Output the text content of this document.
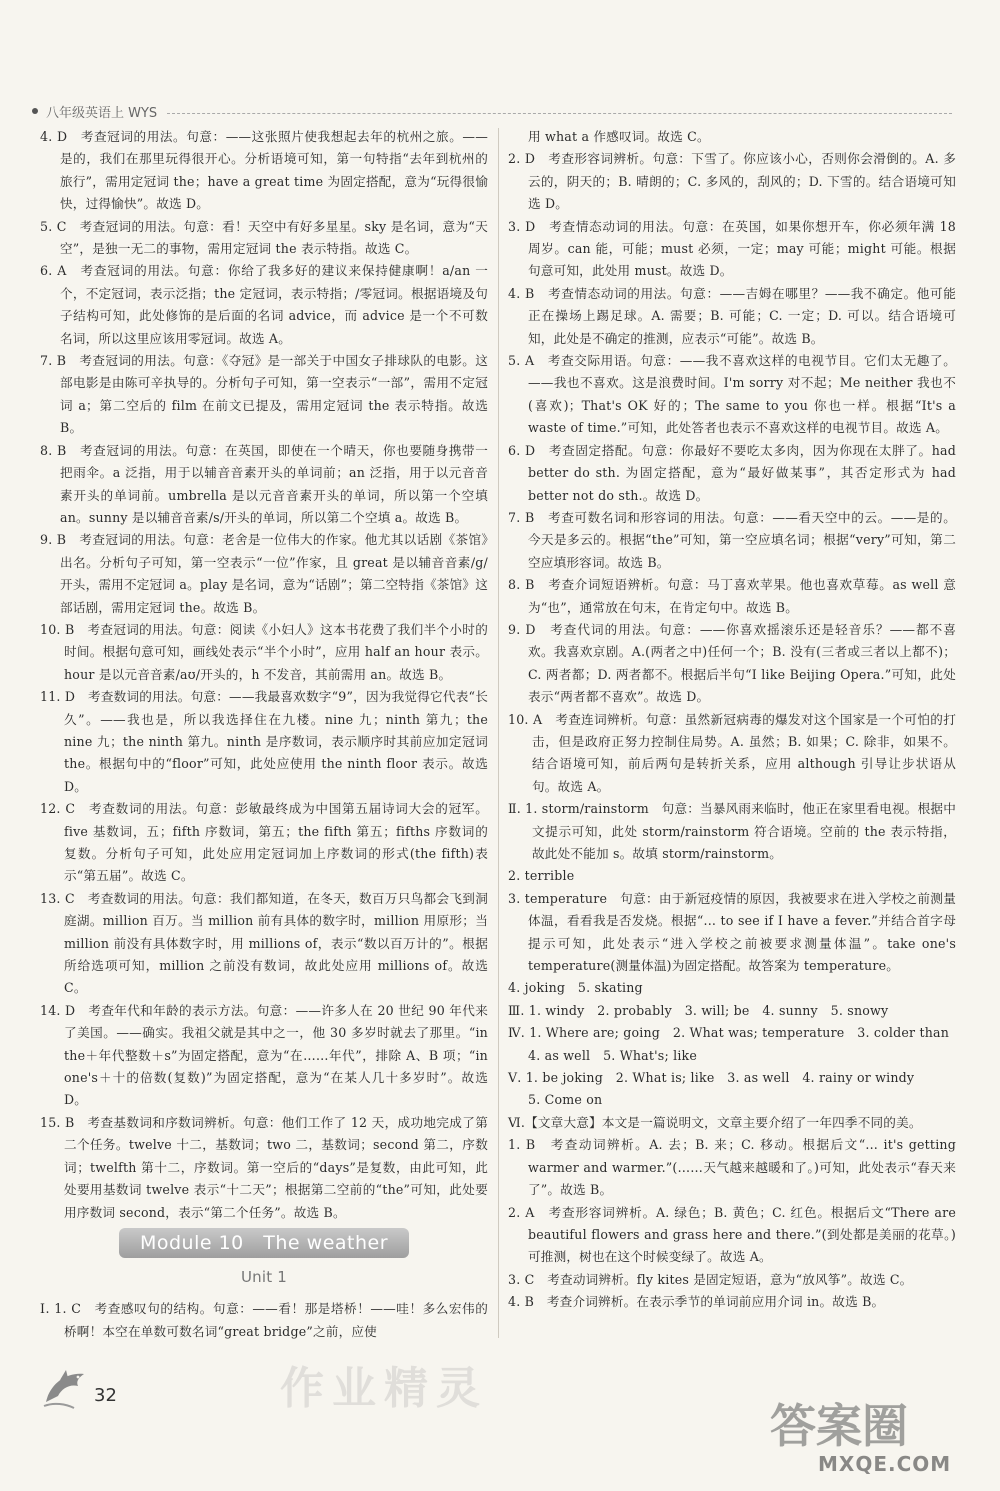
八年级英语上 WYS

4. D　考查冠词的用法。句意：——这张照片使我想起去年的杭州之旅。——是的，我们在那里玩得很开心。分析语境可知，第一句特指“去年到杭州的旅行”，需用定冠词 the；have a great time 为固定搭配，意为“玩得很愉快，过得愉快”。故选 D。

5. C　考查冠词的用法。句意：看！天空中有好多星星。sky 是名词，意为“天空”，是独一无二的事物，需用定冠词 the 表示特指。故选 C。

6. A　考查冠词的用法。句意：你给了我多好的建议来保持健康啊！a/an 一个，不定冠词，表示泛指；the 定冠词，表示特指；/零冠词。根据语境及句子结构可知，此处修饰的是后面的名词 advice，而 advice 是一个不可数名词，所以这里应该用零冠词。故选 A。

7. B　考查冠词的用法。句意：《夺冠》是一部关于中国女子排球队的电影。这部电影是由陈可辛执导的。分析句子可知，第一空表示“一部”，需用不定冠词 a；第二空后的 film 在前文已提及，需用定冠词 the 表示特指。故选 B。

8. B　考查冠词的用法。句意：在英国，即使在一个晴天，你也要随身携带一把雨伞。a 泛指，用于以辅音音素开头的单词前；an 泛指，用于以元音音素开头的单词前。umbrella 是以元音音素开头的单词，所以第一个空填 an。sunny 是以辅音音素/s/开头的单词，所以第二个空填 a。故选 B。

9. B　考查冠词的用法。句意：老舍是一位伟大的作家。他尤其以话剧《茶馆》出名。分析句子可知，第一空表示“一位”作家，且 great 是以辅音音素/g/开头，需用不定冠词 a。play 是名词，意为“话剧”；第二空特指《茶馆》这部话剧，需用定冠词 the。故选 B。

10. B　考查冠词的用法。句意：阅读《小妇人》这本书花费了我们半个小时的时间。根据句意可知，画线处表示“半个小时”，应用 half an hour 表示。hour 是以元音音素/aʊ/开头的，h 不发音，其前需用 an。故选 B。

11. D　考查数词的用法。句意：——我最喜欢数字“9”，因为我觉得它代表“长久”。——我也是，所以我选择住在九楼。nine 九；ninth 第九；the nine 九；the ninth 第九。ninth 是序数词，表示顺序时其前应加定冠词 the。根据句中的“floor”可知，此处应使用 the ninth floor 表示。故选 D。

12. C　考查数词的用法。句意：彭敏最终成为中国第五届诗词大会的冠军。five 基数词，五；fifth 序数词，第五；the fifth 第五；fifths 序数词的复数。分析句子可知，此处应用定冠词加上序数词的形式(the fifth)表示“第五届”。故选 C。

13. C　考查数词的用法。句意：我们都知道，在冬天，数百万只鸟都会飞到洞庭湖。million 百万。当 million 前有具体的数字时，million 用原形；当 million 前没有具体数字时，用 millions of，表示“数以百万计的”。根据所给选项可知，million 之前没有数词，故此处应用 millions of。故选 C。

14. D　考查年代和年龄的表示方法。句意：——许多人在 20 世纪 90 年代来了美国。——确实。我祖父就是其中之一，他 30 多岁时就去了那里。“in the＋年代整数＋s”为固定搭配，意为“在……年代”，排除 A、B 项；“in one's＋十的倍数(复数)”为固定搭配，意为“在某人几十多岁时”。故选 D。

15. B　考查基数词和序数词辨析。句意：他们工作了 12 天，成功地完成了第二个任务。twelve 十二，基数词；two 二，基数词；second 第二，序数词；twelfth 第十二，序数词。第一空后的“days”是复数，由此可知，此处要用基数词 twelve 表示“十二天”；根据第二空前的“the”可知，此处要用序数词 second，表示“第二个任务”。故选 B。

Module 10　The weather
Unit 1

Ⅰ. 1. C　考查感叹句的结构。句意：——看！那是塔桥！——哇！多么宏伟的桥啊！本空在单数可数名词“great bridge”之前，应使

用 what a 作感叹词。故选 C。

2. D　考查形容词辨析。句意：下雪了。你应该小心，否则你会滑倒的。A. 多云的，阴天的；B. 晴朗的；C. 多风的，刮风的；D. 下雪的。结合语境可知选 D。

3. D　考查情态动词的用法。句意：在英国，如果你想开车，你必须年满 18 周岁。can 能，可能；must 必须，一定；may 可能；might 可能。根据句意可知，此处用 must。故选 D。

4. B　考查情态动词的用法。句意：——吉姆在哪里？——我不确定。他可能正在操场上踢足球。A. 需要；B. 可能；C. 一定；D. 可以。结合语境可知，此处是不确定的推测，应表示“可能”。故选 B。

5. A　考查交际用语。句意：——我不喜欢这样的电视节目。它们太无趣了。——我也不喜欢。这是浪费时间。I'm sorry 对不起；Me neither 我也不(喜欢)；That's OK 好的；The same to you 你也一样。根据“It's a waste of time.”可知，此处答者也表示不喜欢这样的电视节目。故选 A。

6. D　考查固定搭配。句意：你最好不要吃太多肉，因为你现在太胖了。had better do sth. 为固定搭配，意为“最好做某事”，其否定形式为 had better not do sth.。故选 D。

7. B　考查可数名词和形容词的用法。句意：——看天空中的云。——是的。今天是多云的。根据“the”可知，第一空应填名词；根据“very”可知，第二空应填形容词。故选 B。

8. B　考查介词短语辨析。句意：马丁喜欢苹果。他也喜欢草莓。as well 意为“也”，通常放在句末，在肯定句中。故选 B。

9. D　考查代词的用法。句意：——你喜欢摇滚乐还是轻音乐？——都不喜欢。我喜欢京剧。A.(两者之中)任何一个；B. 没有(三者或三者以上都不)；C. 两者都；D. 两者都不。根据后半句“I like Beijing Opera.”可知，此处表示“两者都不喜欢”。故选 D。

10. A　考查连词辨析。句意：虽然新冠病毒的爆发对这个国家是一个可怕的打击，但是政府正努力控制住局势。A. 虽然；B. 如果；C. 除非，如果不。结合语境可知，前后两句是转折关系，应用 although 引导让步状语从句。故选 A。

Ⅱ. 1. storm/rainstorm　句意：当暴风雨来临时，他正在家里看电视。根据中文提示可知，此处 storm/rainstorm 符合语境。空前的 the 表示特指，故此处不能加 s。故填 storm/rainstorm。

2. terrible

3. temperature　句意：由于新冠疫情的原因，我被要求在进入学校之前测量体温，看看我是否发烧。根据“... to see if I have a fever.”并结合首字母提示可知，此处表示“进入学校之前被要求测量体温”。take one's temperature(测量体温)为固定搭配。故答案为 temperature。

4. joking　5. skating

Ⅲ. 1. windy　2. probably　3. will; be　4. sunny　5. snowy

Ⅳ. 1. Where are; going　2. What was; temperature　3. colder than

4. as well　5. What's; like

Ⅴ. 1. be joking　2. What is; like　3. as well　4. rainy or windy

5. Come on

Ⅵ.【文章大意】本文是一篇说明文，文章主要介绍了一年四季不同的美。

1. B　考查动词辨析。A. 去；B. 来；C. 移动。根据后文“... it's getting warmer and warmer.”(……天气越来越暖和了。)可知，此处表示“春天来了”。故选 B。

2. A　考查形容词辨析。A. 绿色；B. 黄色；C. 红色。根据后文“There are beautiful flowers and grass here and there.”(到处都是美丽的花草。)可推测，树也在这个时候变绿了。故选 A。

3. C　考查动词辨析。fly kites 是固定短语，意为“放风筝”。故选 C。

4. B　考查介词辨析。在表示季节的单词前应用介词 in。故选 B。

32	作业精灵
答案圈
MXQE.COM
